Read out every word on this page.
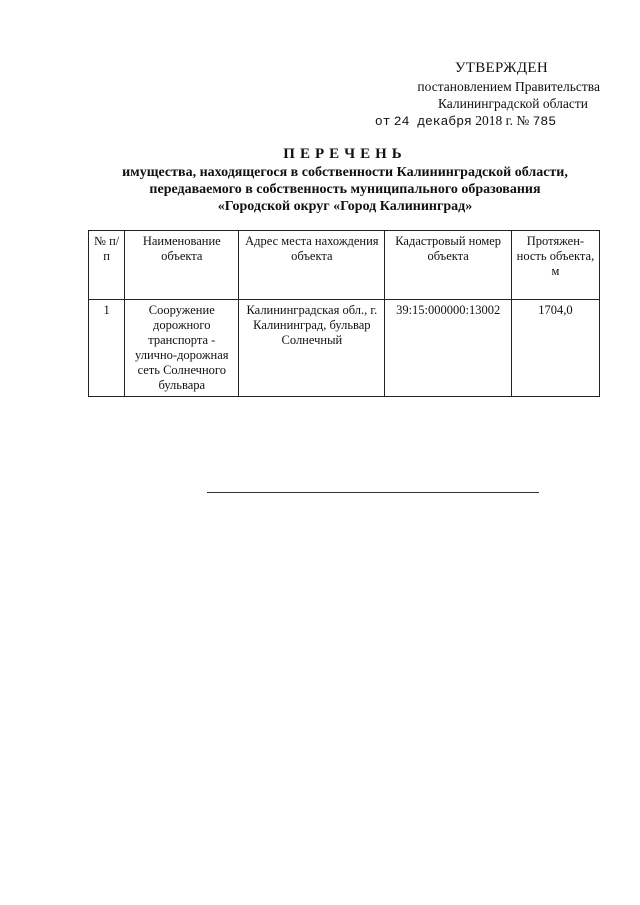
УТВЕРЖДЕН
постановлением Правительства
Калининградской области
от 24 декабря 2018 г. № 785
ПЕРЕЧЕНЬ
имущества, находящегося в собственности Калининградской области,
передаваемого в собственность муниципального образования
«Городской округ «Город Калининград»
№ п/п	Наименование объекта	Адрес места нахождения объекта	Кадастровый номер объекта	Протяжен-ность объекта, м
1	Сооружение дорожного транспорта - улично-дорожная сеть Солнечного бульвара	Калининградская обл., г. Калининград, бульвар Солнечный	39:15:000000:13002	1704,0
